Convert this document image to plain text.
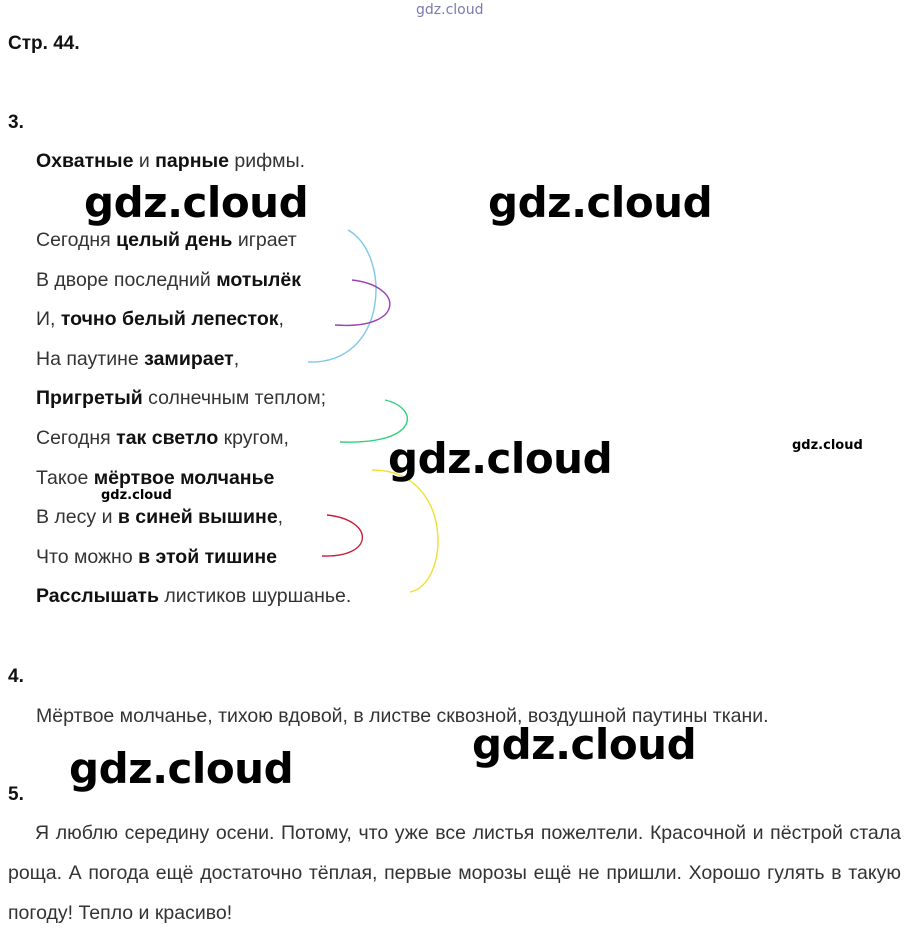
gdz.cloud
Стр. 44.
3.
Охватные и парные рифмы.
Сегодня целый день играет
В дворе последний мотылёк
И, точно белый лепесток,
На паутине замирает,
Пригретый солнечным теплом;
Сегодня так светло кругом,
Такое мёртвое молчанье
В лесу и в синей вышине,
Что можно в этой тишине
Расслышать листиков шуршанье.
gdz.cloud	gdz.cloud
gdz.cloud	gdz.cloud
gdz.cloud
4.
Мёртвое молчанье, тихою вдовой, в листве сквозной, воздушной паутины ткани.
gdz.cloud
gdz.cloud
5.
Я люблю середину осени. Потому, что уже все листья пожелтели. Красочной и пёстрой стала роща. А погода ещё достаточно тёплая, первые морозы ещё не пришли. Хорошо гулять в такую погоду! Тепло и красиво!
